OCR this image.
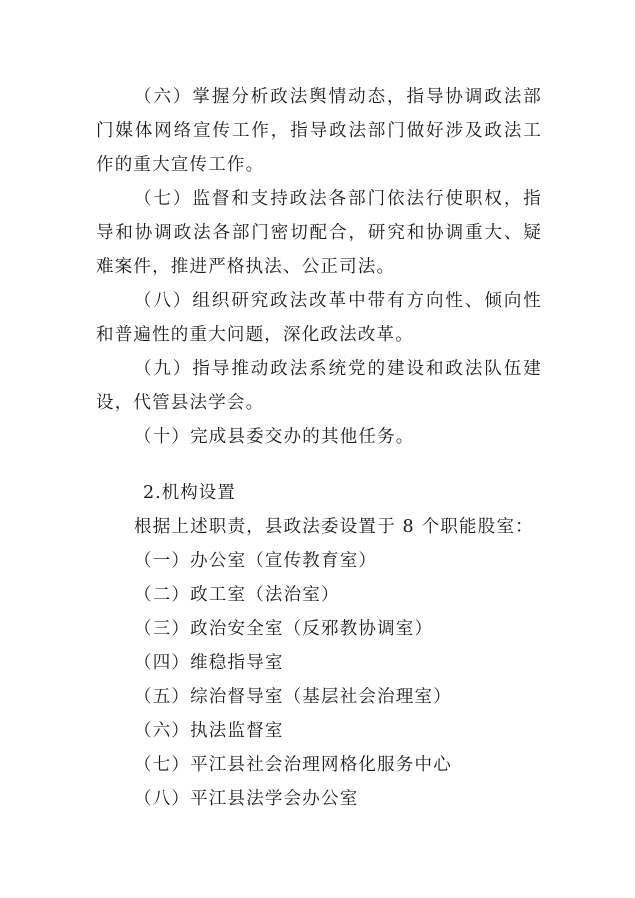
（六）掌握分析政法舆情动态，指导协调政法部门媒体网络宣传工作，指导政法部门做好涉及政法工作的重大宣传工作。

（七）监督和支持政法各部门依法行使职权，指导和协调政法各部门密切配合，研究和协调重大、疑难案件，推进严格执法、公正司法。

（八）组织研究政法改革中带有方向性、倾向性和普遍性的重大问题，深化政法改革。

（九）指导推动政法系统党的建设和政法队伍建设，代管县法学会。

（十）完成县委交办的其他任务。

2.机构设置

根据上述职责，县政法委设置于 8 个职能股室：

（一）办公室（宣传教育室）

（二）政工室（法治室）

（三）政治安全室（反邪教协调室）

（四）维稳指导室

（五）综治督导室（基层社会治理室）

（六）执法监督室

（七）平江县社会治理网格化服务中心

（八）平江县法学会办公室
